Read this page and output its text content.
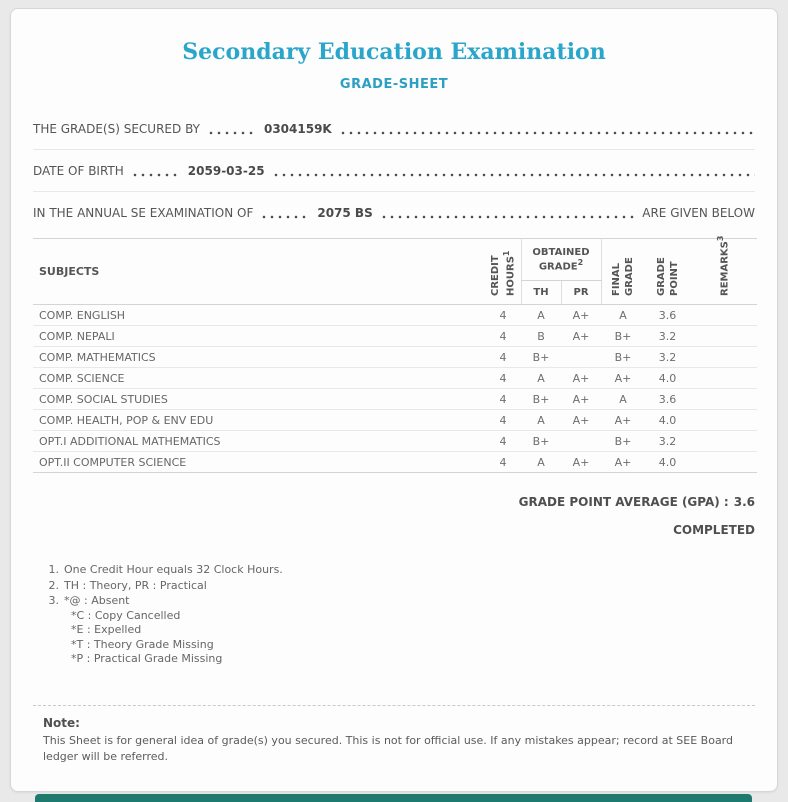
Secondary Education Examination
GRADE-SHEET
THE GRADE(S) SECURED BY	0304159K
DATE OF BIRTH	2059-03-25
IN THE ANNUAL SE EXAMINATION OF	2075 BS	ARE GIVEN BELOW
SUBJECTS	CREDIT HOURS$^1$	OBTAINED GRADE$^2$		FINAL GRADE	GRADE POINT	REMARKS$^3$
		TH	PR			
COMP. ENGLISH	4	A	A+	A	3.6	
COMP. NEPALI	4	B	A+	B+	3.2	
COMP. MATHEMATICS	4	B+		B+	3.2	
COMP. SCIENCE	4	A	A+	A+	4.0	
COMP. SOCIAL STUDIES	4	B+	A+	A	3.6	
COMP. HEALTH, POP & ENV EDU	4	A	A+	A+	4.0	
OPT.I ADDITIONAL MATHEMATICS	4	B+		B+	3.2	
OPT.II COMPUTER SCIENCE	4	A	A+	A+	4.0	
GRADE POINT AVERAGE (GPA) : 3.6
COMPLETED
1. One Credit Hour equals 32 Clock Hours.
2. TH : Theory, PR : Practical
3. *@ : Absent
*C : Copy Cancelled
*E : Expelled
*T : Theory Grade Missing
*P : Practical Grade Missing
Note:
This Sheet is for general idea of grade(s) you secured. This is not for official use. If any mistakes appear; record at SEE Board ledger will be referred.
